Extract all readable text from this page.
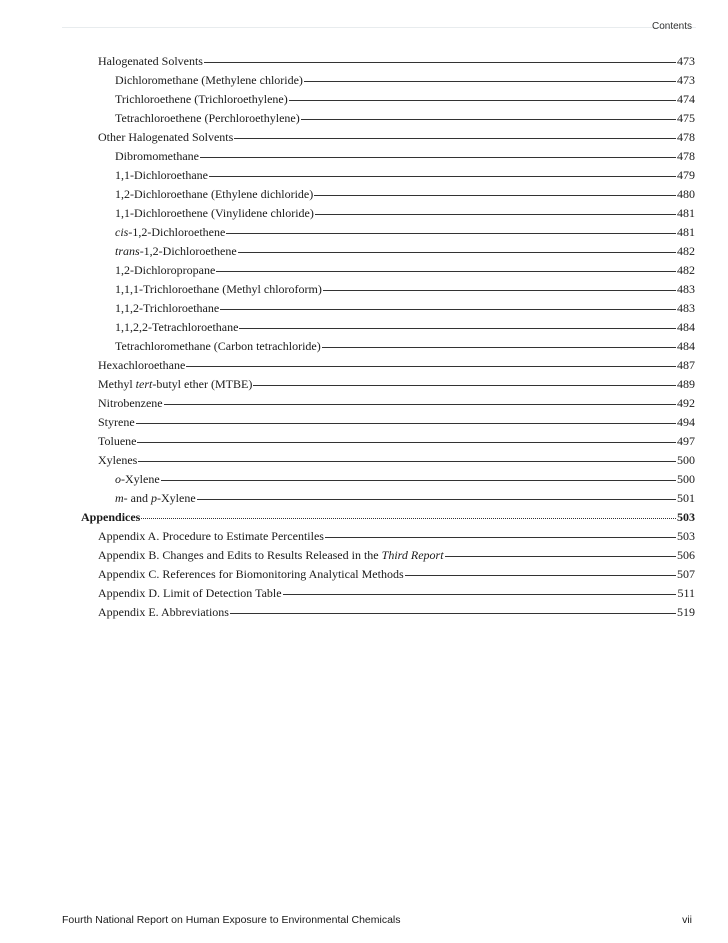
Contents
Halogenated Solvents	473
Dichloromethane (Methylene chloride)	473
Trichloroethene (Trichloroethylene)	474
Tetrachloroethene (Perchloroethylene)	475
Other Halogenated Solvents	478
Dibromomethane	478
1,1-Dichloroethane	479
1,2-Dichloroethane (Ethylene dichloride)	480
1,1-Dichloroethene (Vinylidene chloride)	481
cis-1,2-Dichloroethene	481
trans-1,2-Dichloroethene	482
1,2-Dichloropropane	482
1,1,1-Trichloroethane (Methyl chloroform)	483
1,1,2-Trichloroethane	483
1,1,2,2-Tetrachloroethane	484
Tetrachloromethane (Carbon tetrachloride)	484
Hexachloroethane	487
Methyl tert-butyl ether (MTBE)	489
Nitrobenzene	492
Styrene	494
Toluene	497
Xylenes	500
o-Xylene	500
m- and p-Xylene	501
Appendices	503
Appendix A. Procedure to Estimate Percentiles	503
Appendix B. Changes and Edits to Results Released in the Third Report	506
Appendix C. References for Biomonitoring Analytical Methods	507
Appendix D. Limit of Detection Table	511
Appendix E. Abbreviations	519
Fourth National Report on Human Exposure to Environmental Chemicals	vii
